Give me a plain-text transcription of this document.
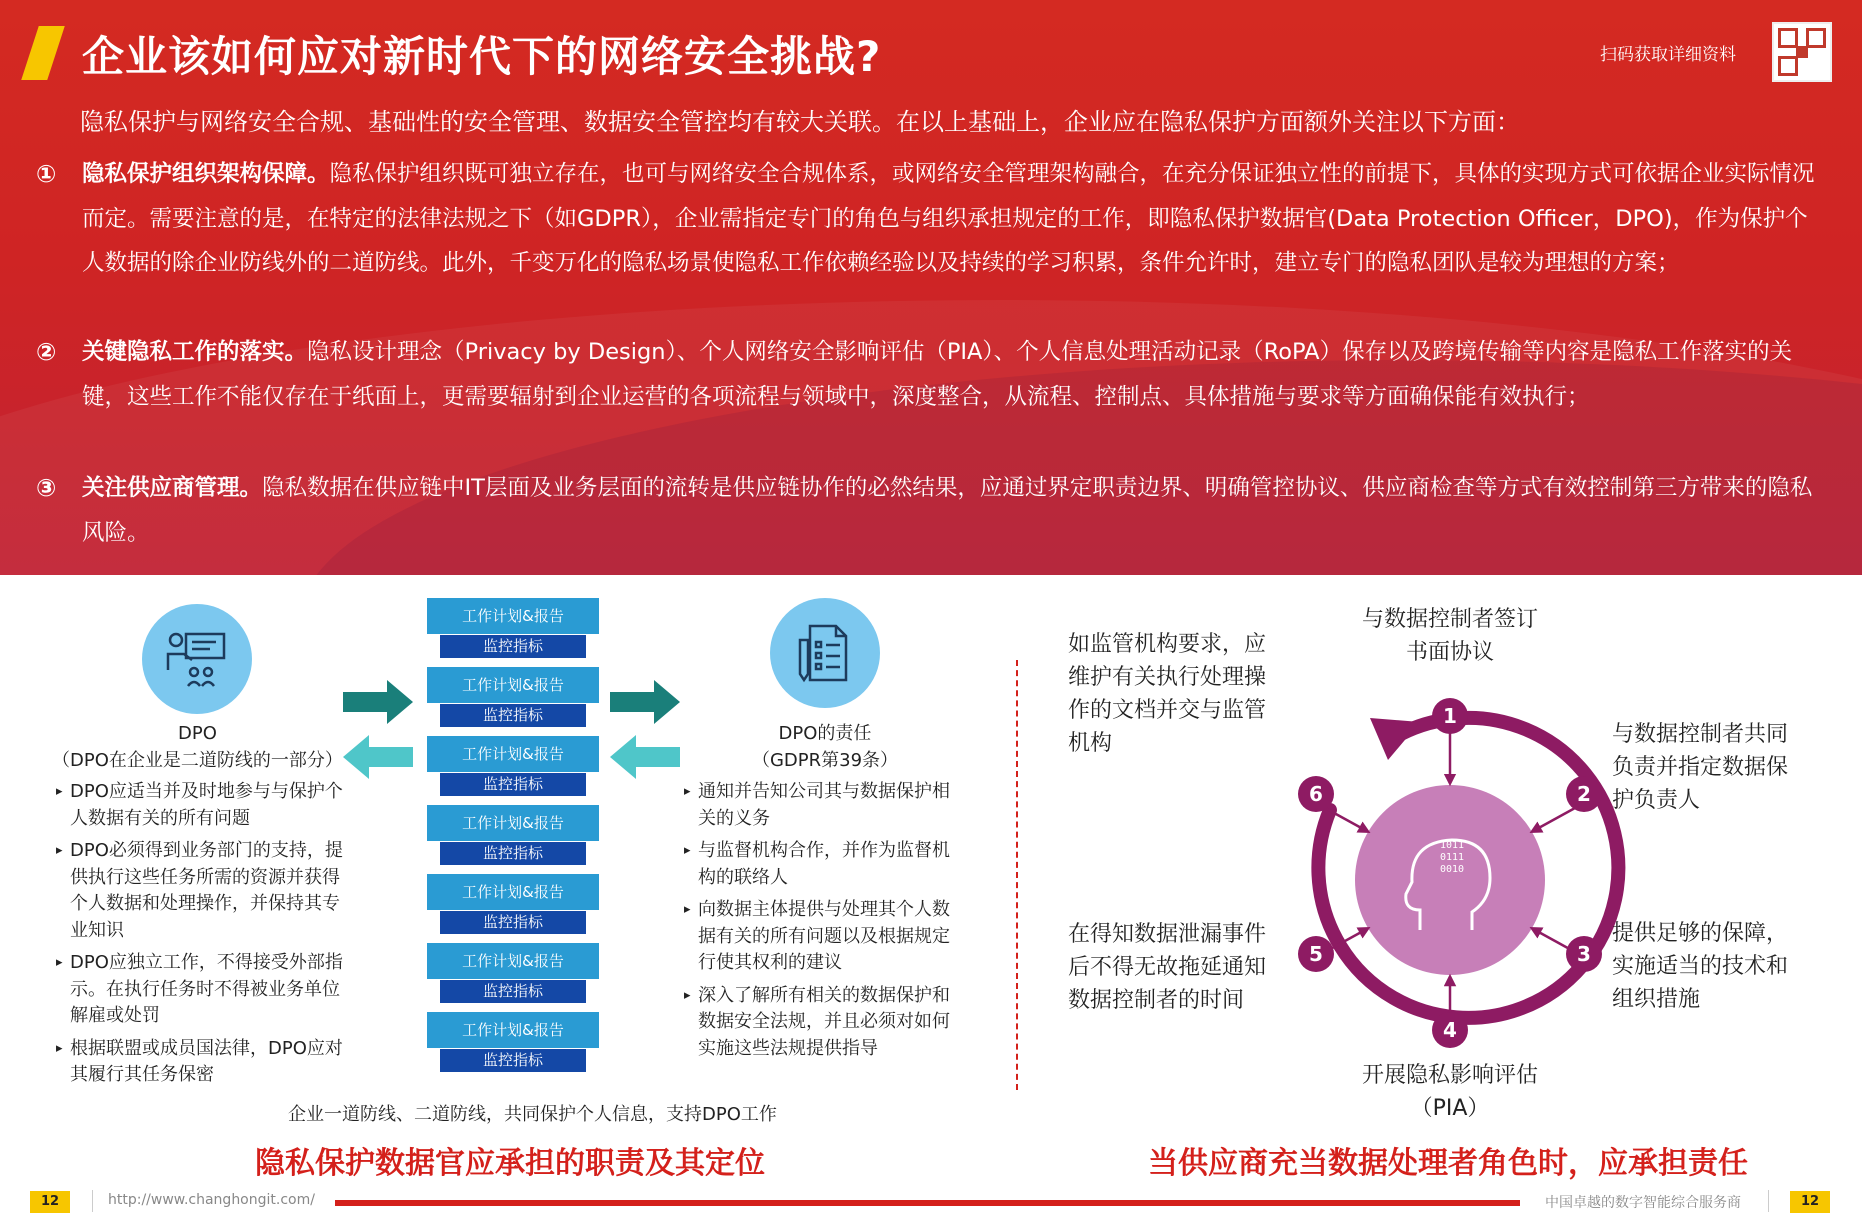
企业该如何应对新时代下的网络安全挑战?	扫码获取详细资料
隐私保护与网络安全合规、基础性的安全管理、数据安全管控均有较大关联。在以上基础上，企业应在隐私保护方面额外关注以下方面：
① 隐私保护组织架构保障。隐私保护组织既可独立存在，也可与网络安全合规体系，或网络安全管理架构融合，在充分保证独立性的前提下，具体的实现方式可依据企业实际情况而定。需要注意的是，在特定的法律法规之下（如GDPR），企业需指定专门的角色与组织承担规定的工作，即隐私保护数据官(Data Protection Officer，DPO)，作为保护个人数据的除企业防线外的二道防线。此外，千变万化的隐私场景使隐私工作依赖经验以及持续的学习积累，条件允许时，建立专门的隐私团队是较为理想的方案；
② 关键隐私工作的落实。隐私设计理念（Privacy by Design）、个人网络安全影响评估（PIA）、个人信息处理活动记录（RoPA）保存以及跨境传输等内容是隐私工作落实的关键，这些工作不能仅存在于纸面上，更需要辐射到企业运营的各项流程与领域中，深度整合，从流程、控制点、具体措施与要求等方面确保能有效执行；
③ 关注供应商管理。隐私数据在供应链中IT层面及业务层面的流转是供应链协作的必然结果，应通过界定职责边界、明确管控协议、供应商检查等方式有效控制第三方带来的隐私风险。
DPO
（DPO在企业是二道防线的一部分）
▸ DPO应适当并及时地参与与保护个人数据有关的所有问题
▸ DPO必须得到业务部门的支持，提供执行这些任务所需的资源并获得个人数据和处理操作，并保持其专业知识
▸ DPO应独立工作，不得接受外部指示。在执行任务时不得被业务单位解雇或处罚
▸ 根据联盟或成员国法律，DPO应对其履行其任务保密
工作计划&报告
监控指标
工作计划&报告
监控指标
工作计划&报告
监控指标
工作计划&报告
监控指标
工作计划&报告
监控指标
工作计划&报告
监控指标
工作计划&报告
监控指标
DPO的责任
（GDPR第39条）
▸ 通知并告知公司其与数据保护相关的义务
▸ 与监督机构合作，并作为监督机构的联络人
▸ 向数据主体提供与处理其个人数据有关的所有问题以及根据规定行使其权利的建议
▸ 深入了解所有相关的数据保护和数据安全法规，并且必须对如何实施这些法规提供指导
企业一道防线、二道防线，共同保护个人信息，支持DPO工作
隐私保护数据官应承担的职责及其定位
1011
0111
0010
1
2
3
4
5
6
与数据控制者签订书面协议
与数据控制者共同负责并指定数据保护负责人
提供足够的保障，实施适当的技术和组织措施
开展隐私影响评估
（PIA）
在得知数据泄漏事件后不得无故拖延通知数据控制者的时间
如监管机构要求，应维护有关执行处理操作的文档并交与监管机构
当供应商充当数据处理者角色时，应承担责任
12	http://www.changhongit.com/	中国卓越的数字智能综合服务商	12
